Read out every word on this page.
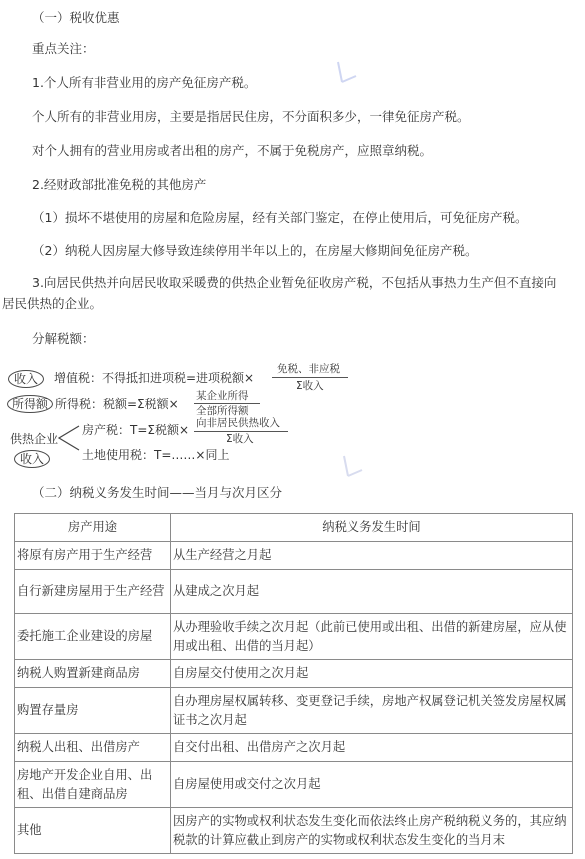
（一）税收优惠
重点关注：
1.个人所有非营业用的房产免征房产税。
个人所有的非营业用房，主要是指居民住房，不分面积多少，一律免征房产税。
对个人拥有的营业用房或者出租的房产，不属于免税房产，应照章纳税。
2.经财政部批准免税的其他房产
（1）损坏不堪使用的房屋和危险房屋，经有关部门鉴定，在停止使用后，可免征房产税。
（2）纳税人因房屋大修导致连续停用半年以上的，在房屋大修期间免征房产税。
3.向居民供热并向居民收取采暖费的供热企业暂免征收房产税，不包括从事热力生产但不直接向
居民供热的企业。
分解税额：
收入	增值税：不得抵扣进项税=进项税额×
免税、非应税
Σ收入
所得额 所得税：税额=Σ税额×
某企业所得
全部所得额
供热企业
房产税：T=Σ税额× 向非居民供热收入
Σ收入
收入	土地使用税：T=……×同上
（二）纳税义务发生时间——当月与次月区分
房产用途	纳税义务发生时间
将原有房产用于生产经营	从生产经营之月起
自行新建房屋用于生产经营	从建成之次月起
委托施工企业建设的房屋	从办理验收手续之次月起（此前已使用或出租、出借的新建房屋，应从使用或出租、出借的当月起）
纳税人购置新建商品房	自房屋交付使用之次月起
购置存量房	自办理房屋权属转移、变更登记手续，房地产权属登记机关签发房屋权属证书之次月起
纳税人出租、出借房产	自交付出租、出借房产之次月起
房地产开发企业自用、出租、出借自建商品房	自房屋使用或交付之次月起
其他	因房产的实物或权利状态发生变化而依法终止房产税纳税义务的，其应纳税款的计算应截止到房产的实物或权利状态发生变化的当月末
